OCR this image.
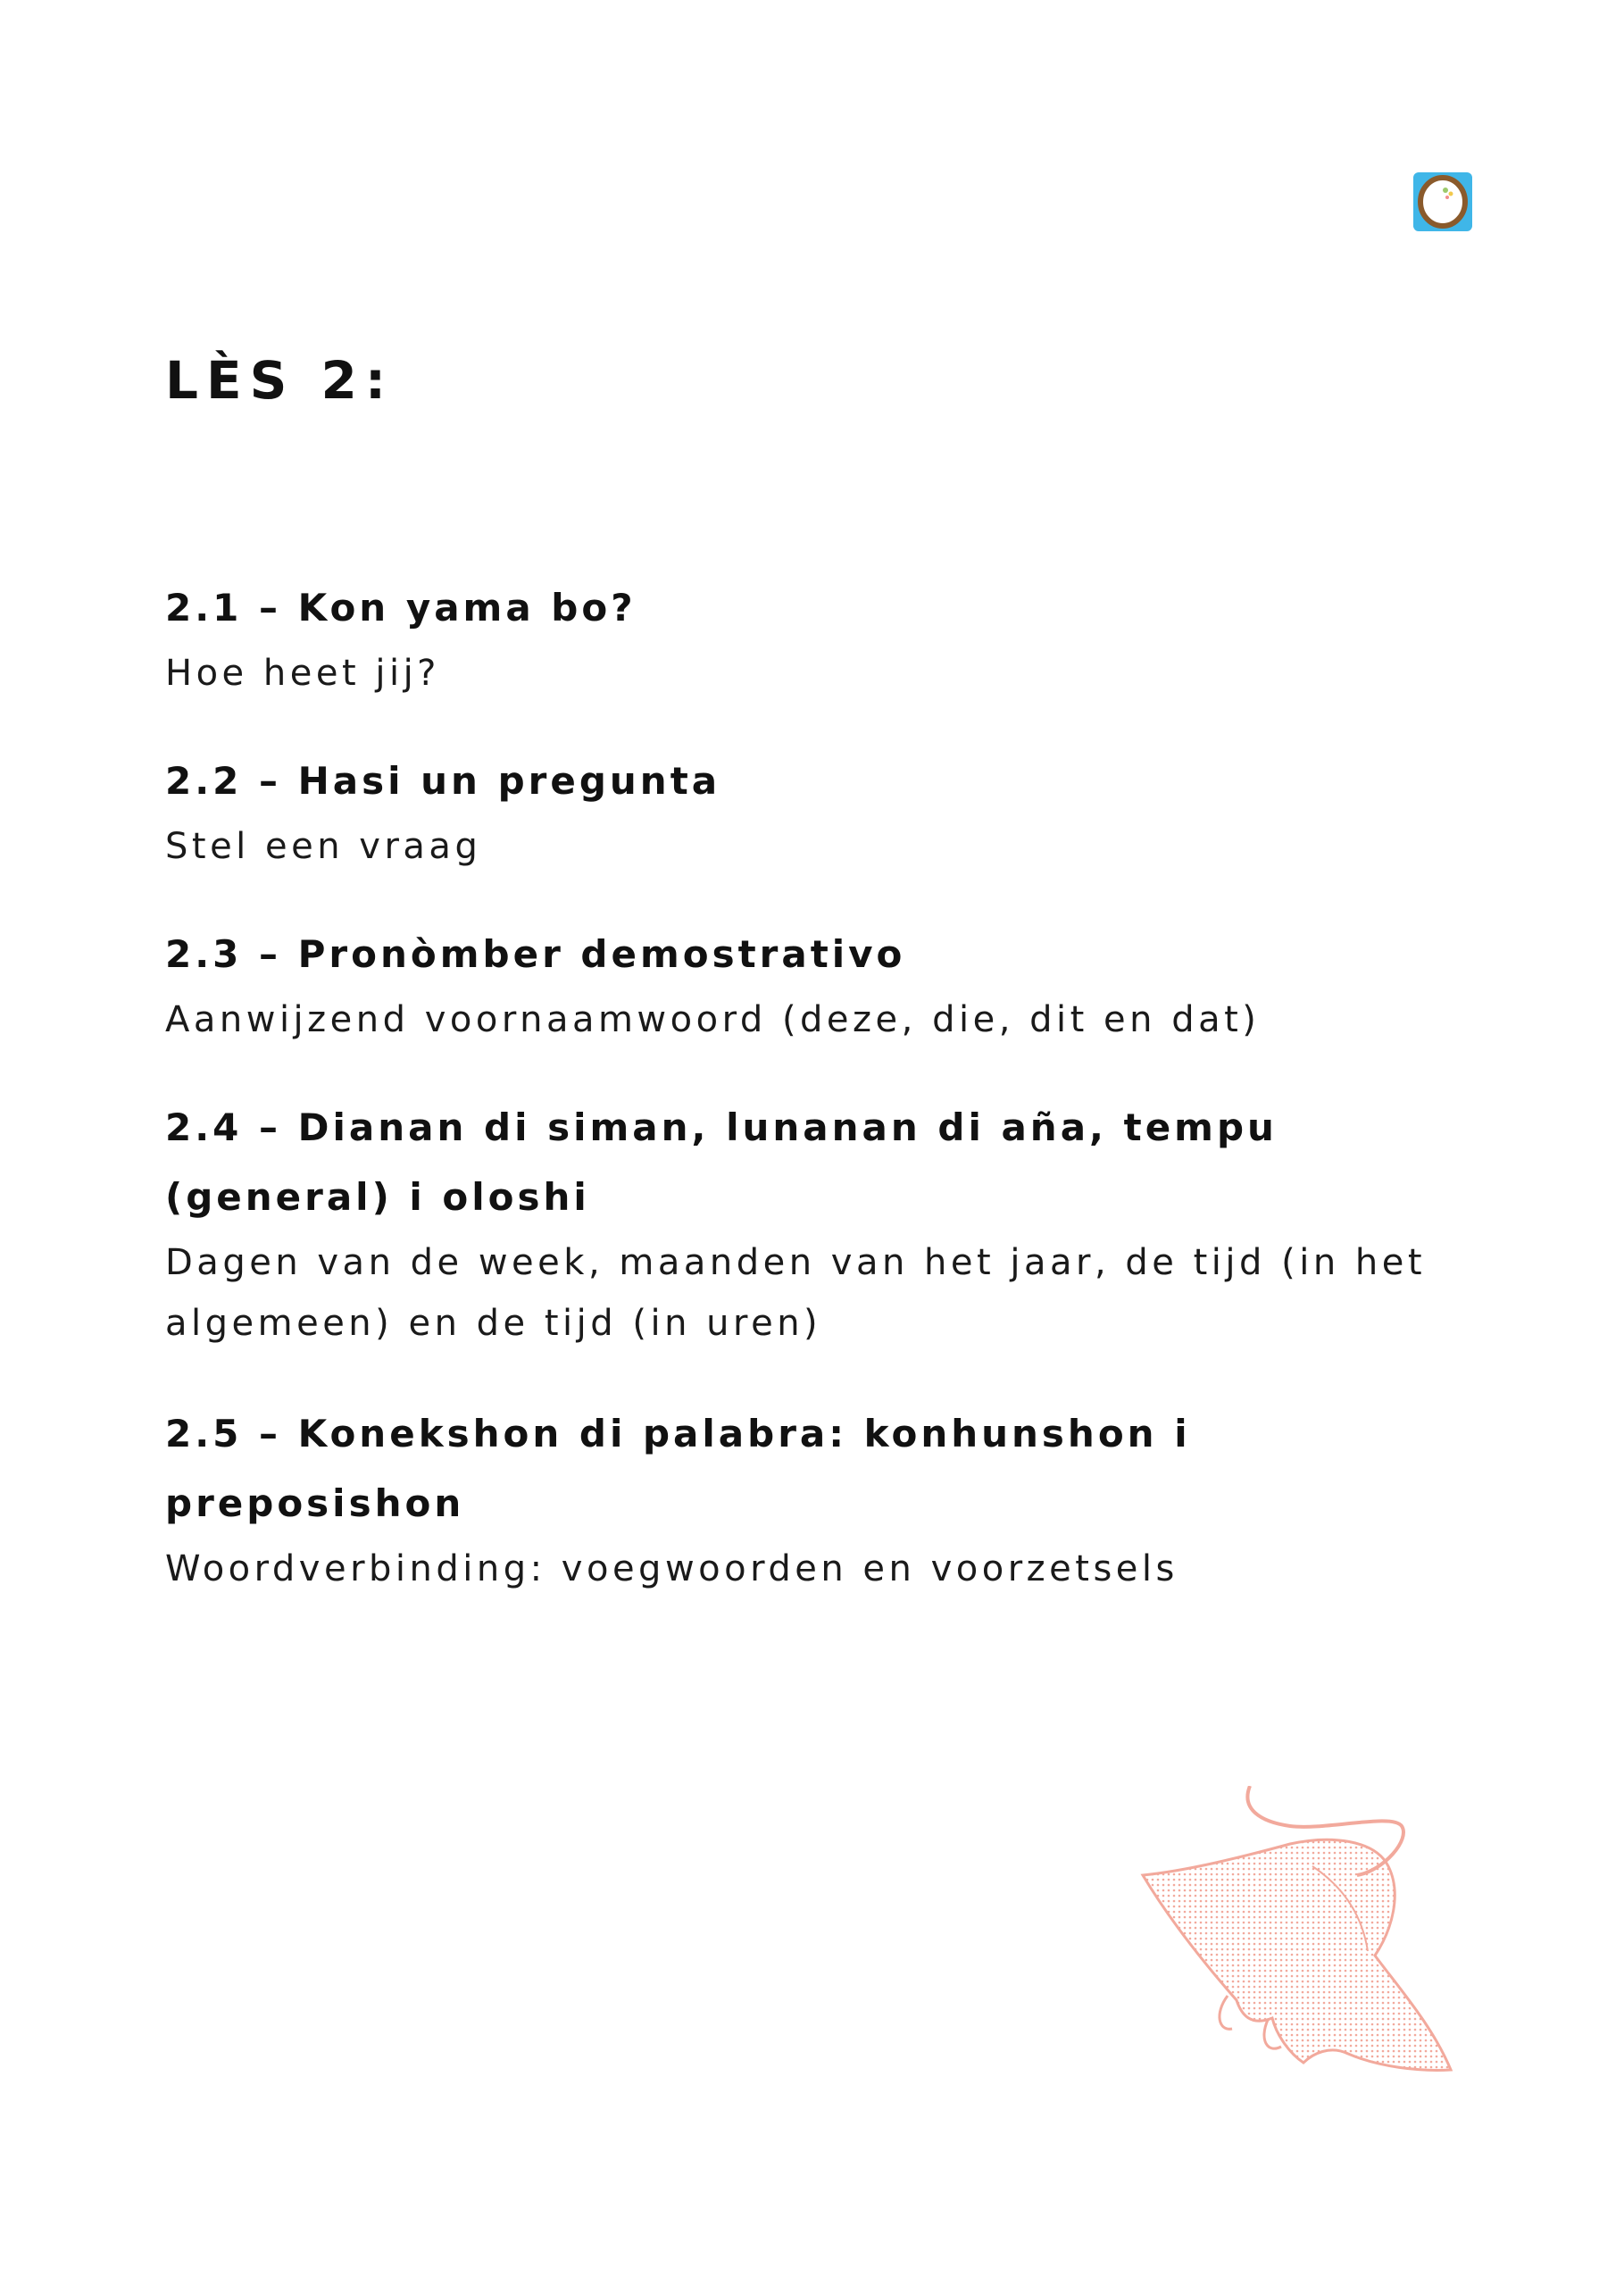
LÈS 2:

2.1 – Kon yama bo?

Hoe heet jij?

2.2 – Hasi un pregunta

Stel een vraag

2.3 – Pronòmber demostrativo

Aanwijzend voornaamwoord (deze, die, dit en dat)

2.4 – Dianan di siman, lunanan di aña, tempu (general) i oloshi

Dagen van de week, maanden van het jaar, de tijd (in het algemeen) en de tijd (in uren)

2.5 – Konekshon di palabra: konhunshon i preposishon

Woordverbinding: voegwoorden en voorzetsels
